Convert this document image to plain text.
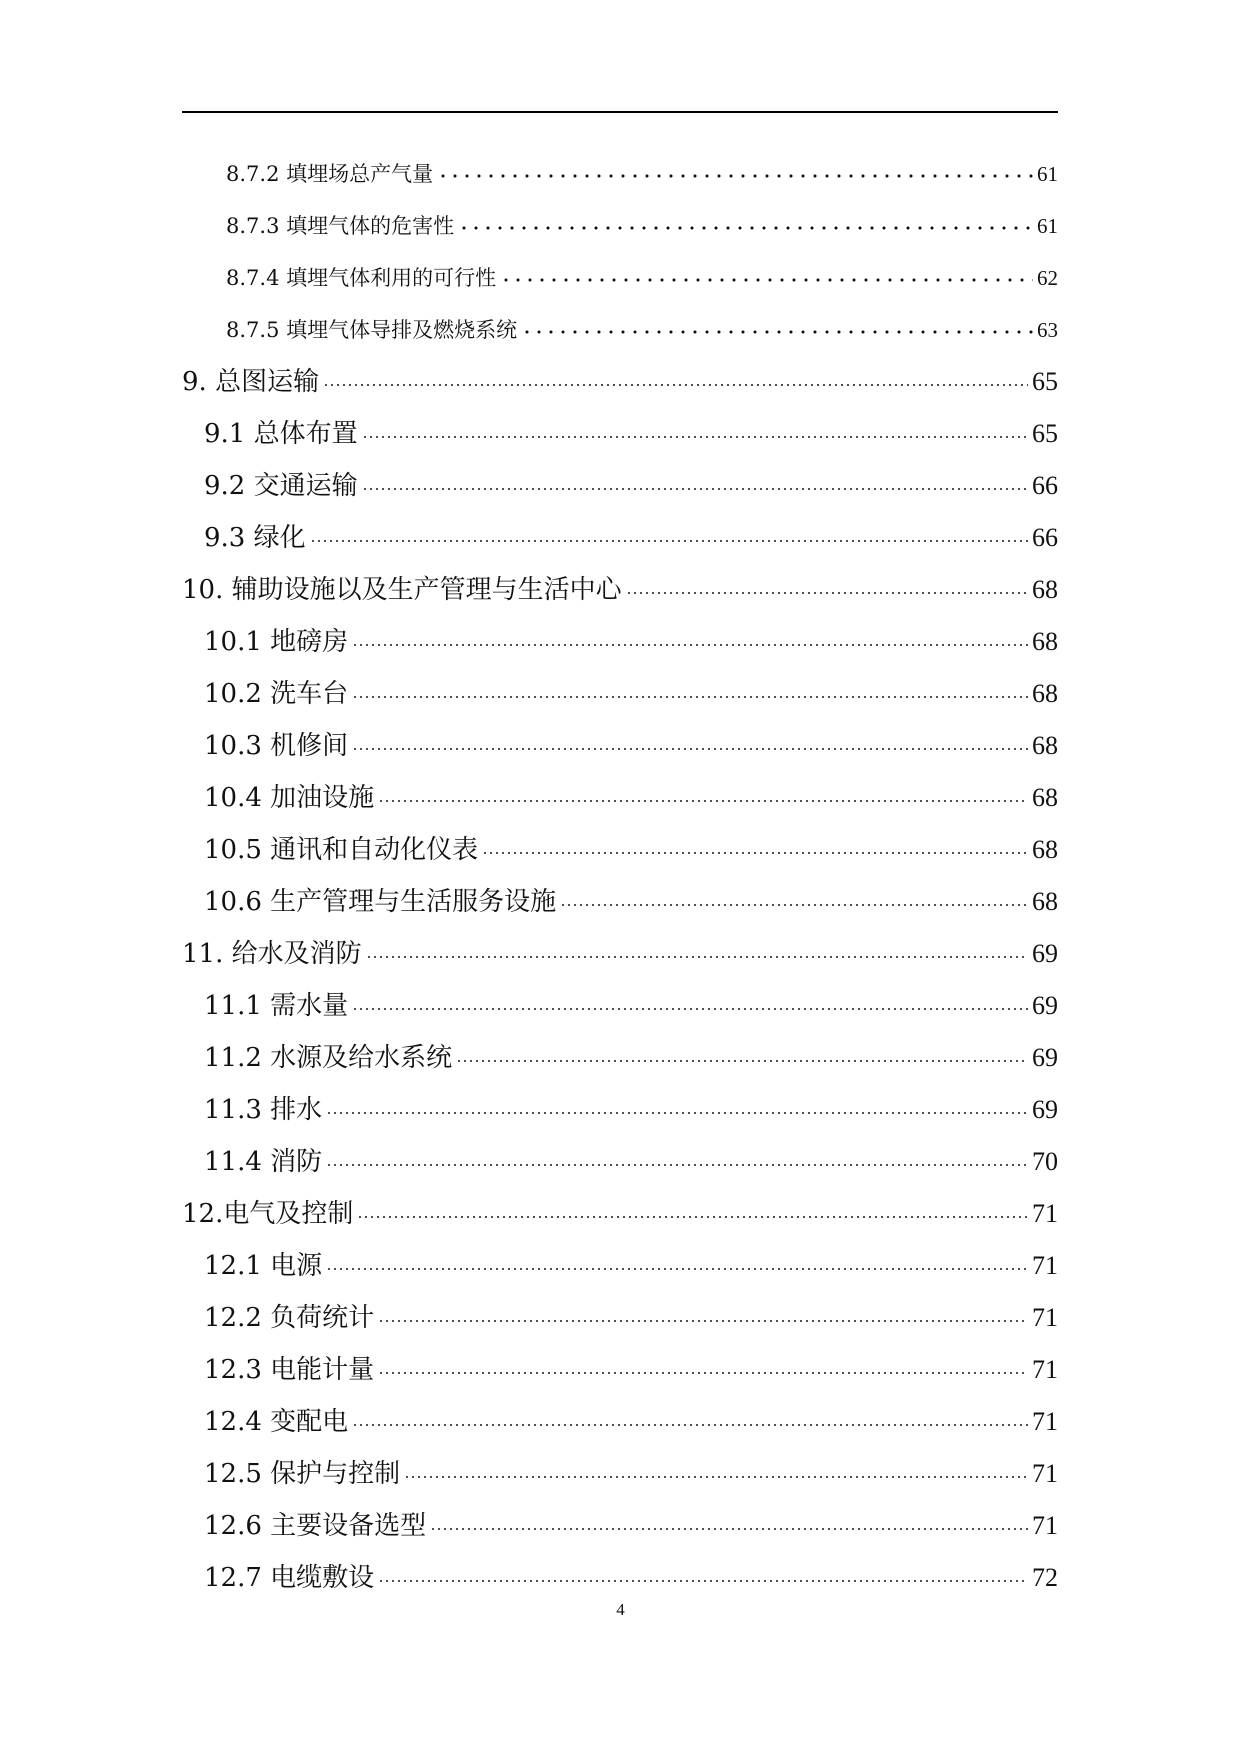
8.7.2 填埋场总产气量	61
8.7.3 填埋气体的危害性	61
8.7.4 填埋气体利用的可行性	62
8.7.5 填埋气体导排及燃烧系统	63
9. 总图运输	65
9.1 总体布置	65
9.2 交通运输	66
9.3 绿化	66
10. 辅助设施以及生产管理与生活中心	68
10.1 地磅房	68
10.2 洗车台	68
10.3 机修间	68
10.4 加油设施	68
10.5 通讯和自动化仪表	68
10.6 生产管理与生活服务设施	68
11. 给水及消防	69
11.1 需水量	69
11.2 水源及给水系统	69
11.3 排水	69
11.4 消防	70
12.电气及控制	71
12.1 电源	71
12.2 负荷统计	71
12.3 电能计量	71
12.4 变配电	71
12.5 保护与控制	71
12.6 主要设备选型	71
12.7 电缆敷设	72
4
